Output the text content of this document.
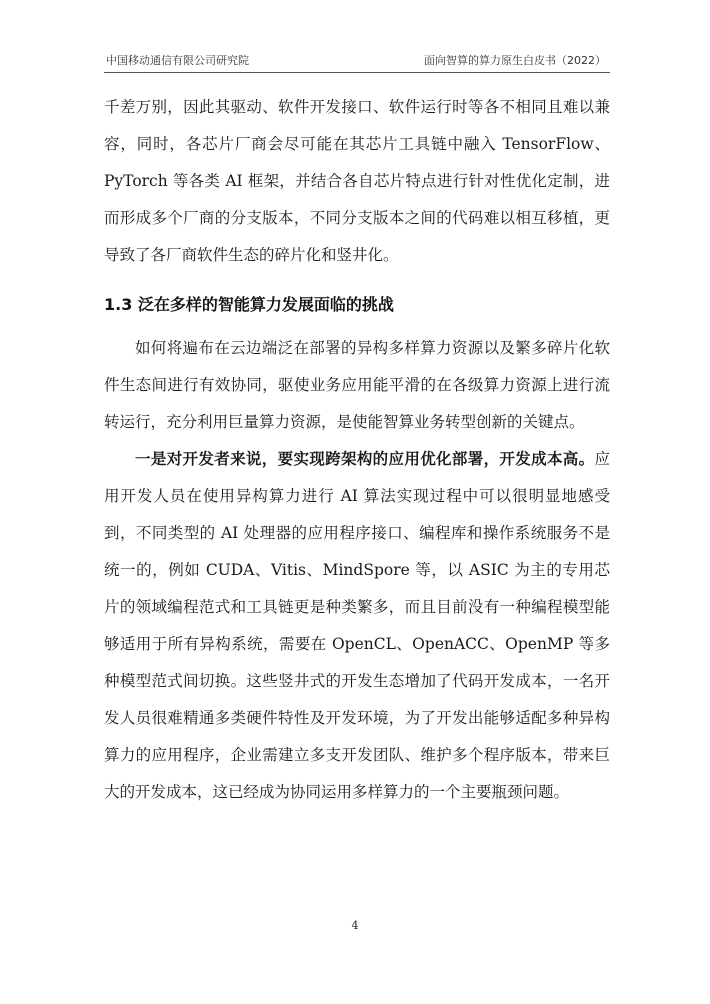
中国移动通信有限公司研究院	面向智算的算力原生白皮书（2022）

千差万别，因此其驱动、软件开发接口、软件运行时等各不相同且难以兼容，同时，各芯片厂商会尽可能在其芯片工具链中融入 TensorFlow、PyTorch 等各类 AI 框架，并结合各自芯片特点进行针对性优化定制，进而形成多个厂商的分支版本，不同分支版本之间的代码难以相互移植，更导致了各厂商软件生态的碎片化和竖井化。

1.3 泛在多样的智能算力发展面临的挑战

如何将遍布在云边端泛在部署的异构多样算力资源以及繁多碎片化软件生态间进行有效协同，驱使业务应用能平滑的在各级算力资源上进行流转运行，充分利用巨量算力资源，是使能智算业务转型创新的关键点。

一是对开发者来说，要实现跨架构的应用优化部署，开发成本高。应用开发人员在使用异构算力进行 AI 算法实现过程中可以很明显地感受到，不同类型的 AI 处理器的应用程序接口、编程库和操作系统服务不是统一的，例如 CUDA、Vitis、MindSpore 等，以 ASIC 为主的专用芯片的领域编程范式和工具链更是种类繁多，而且目前没有一种编程模型能够适用于所有异构系统，需要在 OpenCL、OpenACC、OpenMP 等多种模型范式间切换。这些竖井式的开发生态增加了代码开发成本，一名开发人员很难精通多类硬件特性及开发环境，为了开发出能够适配多种异构算力的应用程序，企业需建立多支开发团队、维护多个程序版本，带来巨大的开发成本，这已经成为协同运用多样算力的一个主要瓶颈问题。

4
